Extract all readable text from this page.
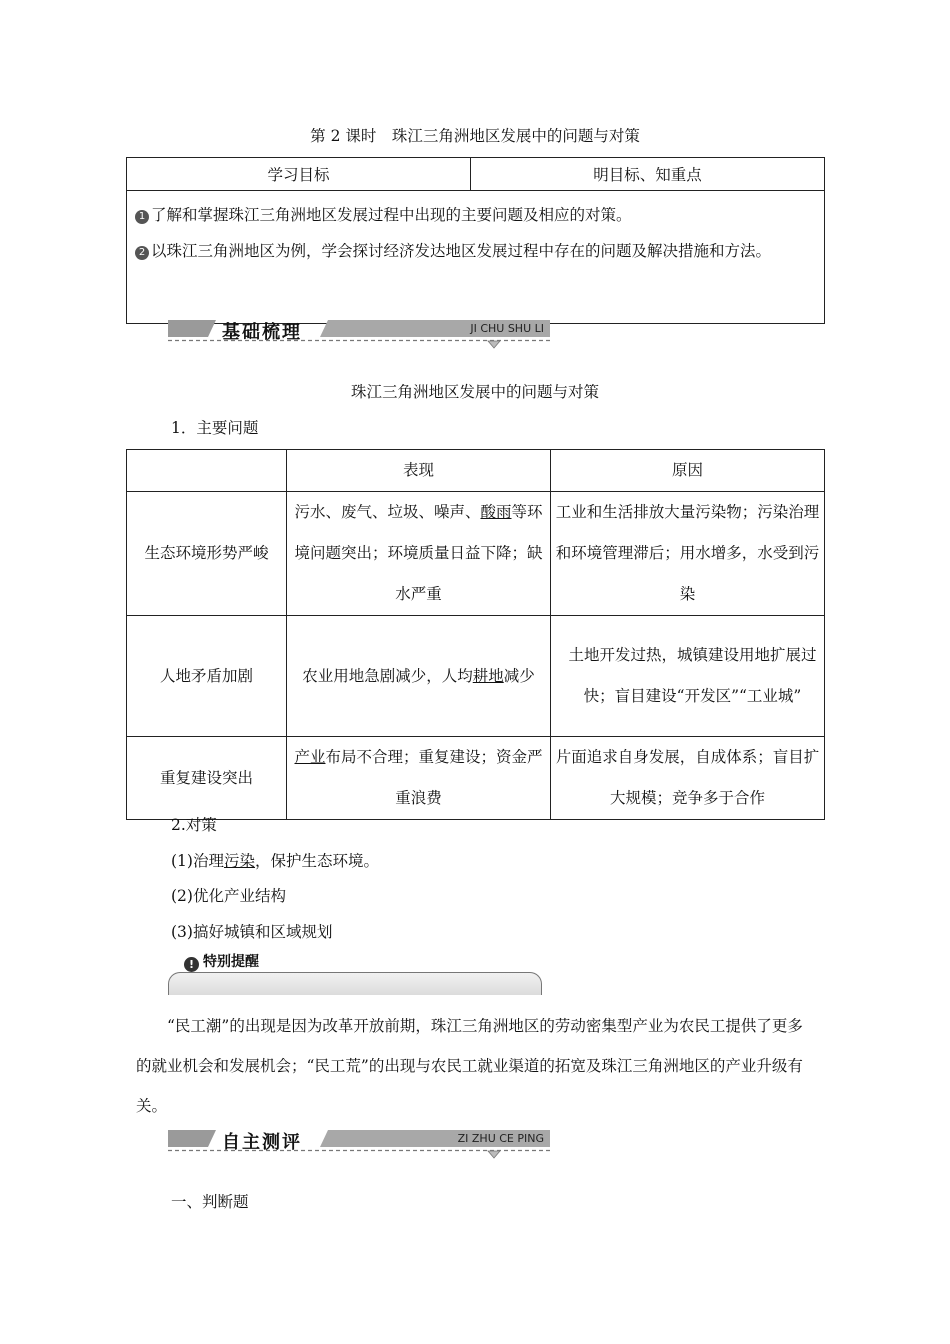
第 2 课时　珠江三角洲地区发展中的问题与对策
学习目标	明目标、知重点

1 了解和掌握珠江三角洲地区发展过程中出现的主要问题及相应的对策。
2 以珠江三角洲地区为例，学会探讨经济发达地区发展过程中存在的问题及解决措施和方法。
基础梳理	JI CHU SHU LI
珠江三角洲地区发展中的问题与对策
1．主要问题
	表现	原因
生态环境形势严峻	污水、废气、垃圾、噪声、酸雨等环境问题突出；环境质量日益下降；缺水严重	工业和生活排放大量污染物；污染治理和环境管理滞后；用水增多，水受到污染
人地矛盾加剧	农业用地急剧减少，人均耕地减少	土地开发过热，城镇建设用地扩展过快；盲目建设“开发区”“工业城”
重复建设突出	产业布局不合理；重复建设；资金严重浪费	片面追求自身发展，自成体系；盲目扩大规模；竞争多于合作
2.对策
(1)治理污染，保护生态环境。
(2)优化产业结构
(3)搞好城镇和区域规划
! 特别提醒
“民工潮”的出现是因为改革开放前期，珠江三角洲地区的劳动密集型产业为农民工提供了更多的就业机会和发展机会；“民工荒”的出现与农民工就业渠道的拓宽及珠江三角洲地区的产业升级有关。
自主测评	ZI ZHU CE PING
一、判断题
